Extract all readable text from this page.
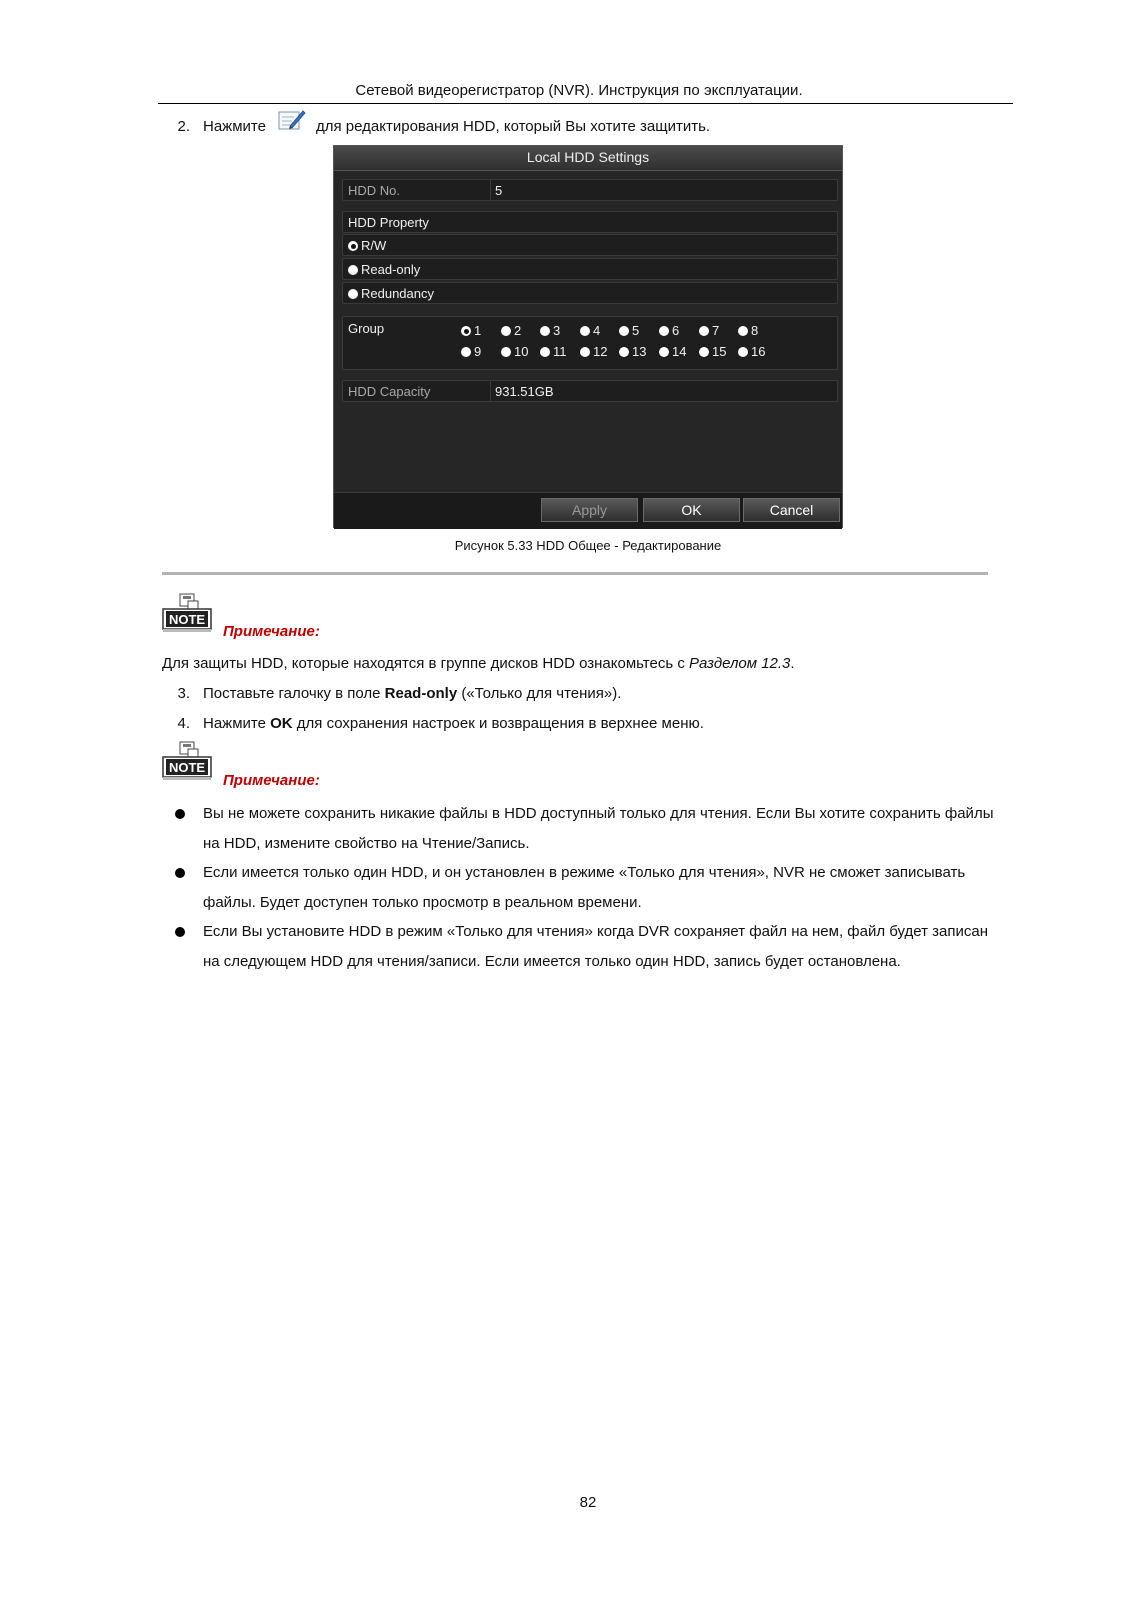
Сетевой видеорегистратор (NVR). Инструкция по эксплуатации.
2. Нажмите	для редактирования HDD, который Вы хотите защитить.
Local HDD Settings
HDD No.	5
HDD Property
R/W
Read-only
Redundancy
Group	1	2	3	4	5	6	7	8
9	10	11	12	13	14	15	16
HDD Capacity	931.51GB
Apply	OK	Cancel
Рисунок 5.33 HDD Общее - Редактирование
NOTE
Примечание:
Для защиты HDD, которые находятся в группе дисков HDD ознакомьтесь с Разделом 12.3.
3. Поставьте галочку в поле Read-only («Только для чтения»).
4. Нажмите OK для сохранения настроек и возвращения в верхнее меню.
NOTE
Примечание:
Вы не можете сохранить никакие файлы в HDD доступный только для чтения. Если Вы хотите сохранить файлы
на HDD, измените свойство на Чтение/Запись.
Если имеется только один HDD, и он установлен в режиме «Только для чтения», NVR не сможет записывать
файлы. Будет доступен только просмотр в реальном времени.
Если Вы установите HDD в режим «Только для чтения» когда DVR сохраняет файл на нем, файл будет записан
на следующем HDD для чтения/записи. Если имеется только один HDD, запись будет остановлена.
82
